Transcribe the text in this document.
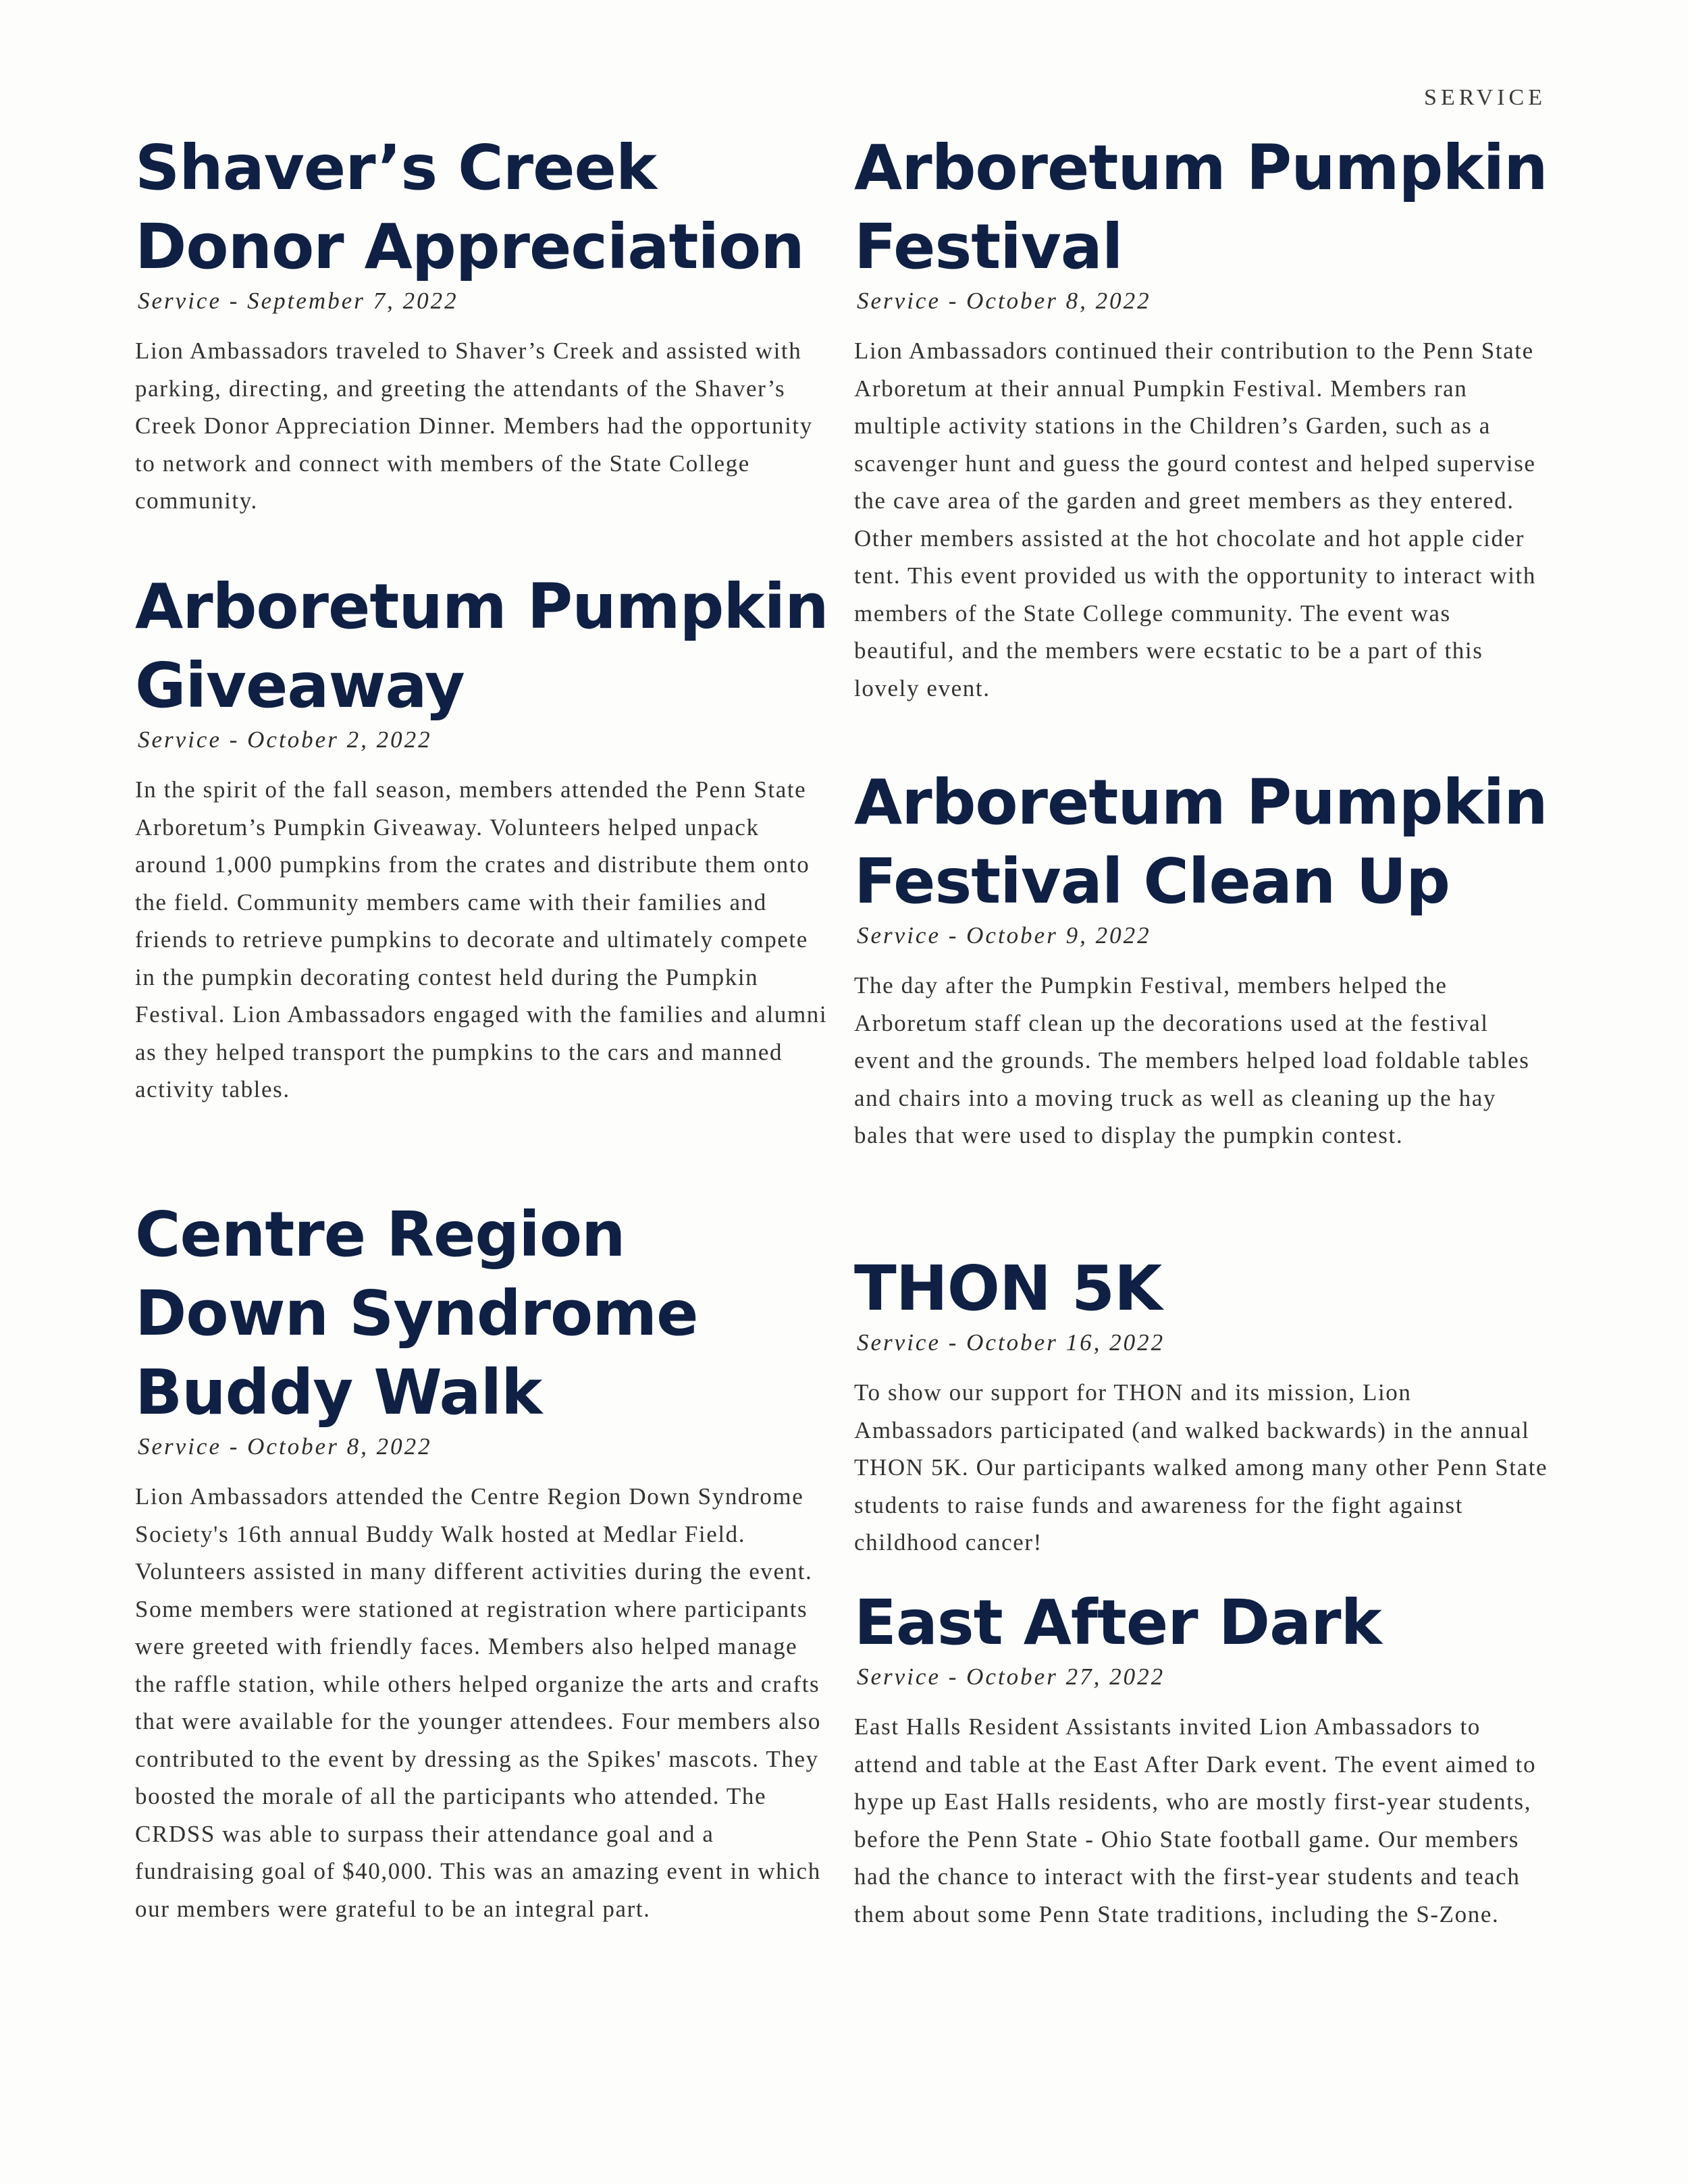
SERVICE
Shaver’s Creek Donor Appreciation
Service - September 7, 2022

Lion Ambassadors traveled to Shaver’s Creek and assisted with parking, directing, and greeting the attendants of the Shaver’s Creek Donor Appreciation Dinner. Members had the opportunity to network and connect with members of the State College community.

Arboretum Pumpkin Giveaway
Service - October 2, 2022

In the spirit of the fall season, members attended the Penn State Arboretum’s Pumpkin Giveaway. Volunteers helped unpack around 1,000 pumpkins from the crates and distribute them onto the field. Community members came with their families and friends to retrieve pumpkins to decorate and ultimately compete in the pumpkin decorating contest held during the Pumpkin Festival. Lion Ambassadors engaged with the families and alumni as they helped transport the pumpkins to the cars and manned activity tables.

Centre Region Down Syndrome Buddy Walk
Service - October 8, 2022

Lion Ambassadors attended the Centre Region Down Syndrome Society's 16th annual Buddy Walk hosted at Medlar Field. Volunteers assisted in many different activities during the event. Some members were stationed at registration where participants were greeted with friendly faces. Members also helped manage the raffle station, while others helped organize the arts and crafts that were available for the younger attendees. Four members also contributed to the event by dressing as the Spikes' mascots. They boosted the morale of all the participants who attended. The CRDSS was able to surpass their attendance goal and a fundraising goal of $40,000. This was an amazing event in which our members were grateful to be an integral part.

Arboretum Pumpkin Festival
Service - October 8, 2022

Lion Ambassadors continued their contribution to the Penn State Arboretum at their annual Pumpkin Festival. Members ran multiple activity stations in the Children’s Garden, such as a scavenger hunt and guess the gourd contest and helped supervise the cave area of the garden and greet members as they entered. Other members assisted at the hot chocolate and hot apple cider tent. This event provided us with the opportunity to interact with members of the State College community. The event was beautiful, and the members were ecstatic to be a part of this lovely event.

Arboretum Pumpkin Festival Clean Up
Service - October 9, 2022

The day after the Pumpkin Festival, members helped the Arboretum staff clean up the decorations used at the festival event and the grounds. The members helped load foldable tables and chairs into a moving truck as well as cleaning up the hay bales that were used to display the pumpkin contest.

THON 5K
Service - October 16, 2022

To show our support for THON and its mission, Lion Ambassadors participated (and walked backwards) in the annual THON 5K. Our participants walked among many other Penn State students to raise funds and awareness for the fight against childhood cancer!

East After Dark
Service - October 27, 2022

East Halls Resident Assistants invited Lion Ambassadors to attend and table at the East After Dark event. The event aimed to hype up East Halls residents, who are mostly first-year students, before the Penn State - Ohio State football game. Our members had the chance to interact with the first-year students and teach them about some Penn State traditions, including the S-Zone.
